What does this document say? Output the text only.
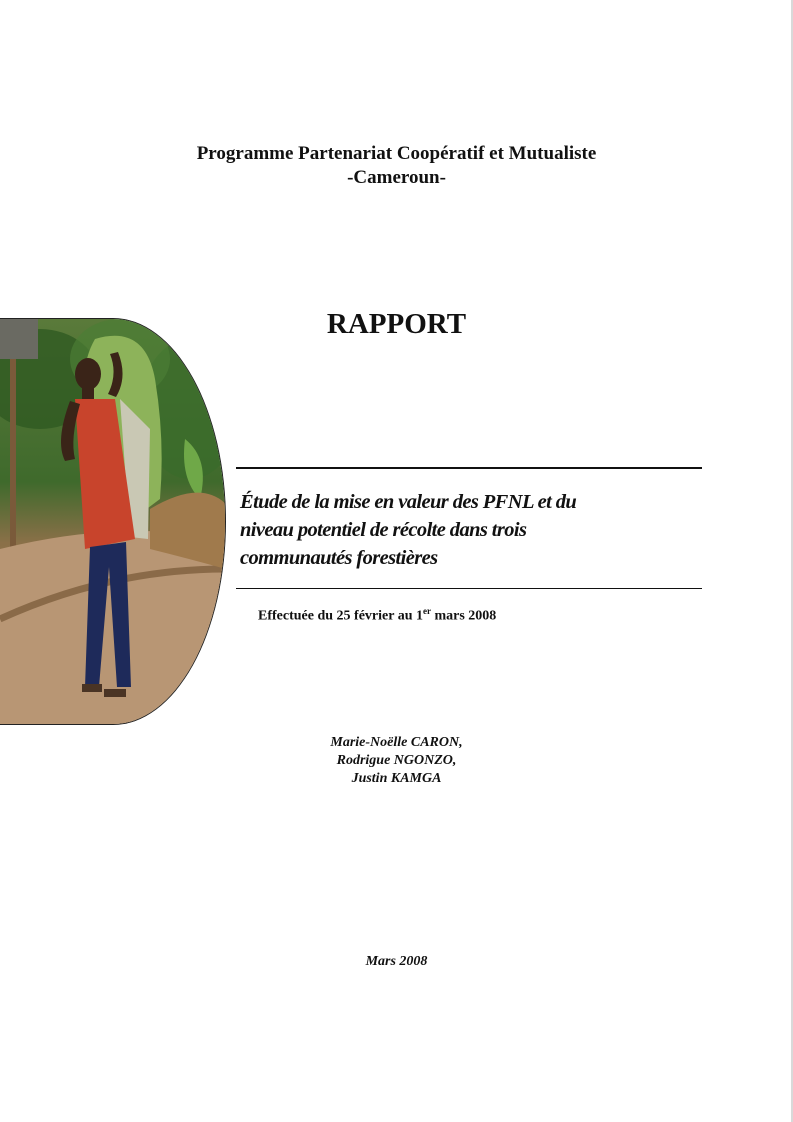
Programme Partenariat Coopératif et Mutualiste
-Cameroun-
RAPPORT
Étude de la mise en valeur des PFNL et du
niveau potentiel de récolte dans trois
communautés forestières
Effectuée du 25 février au 1er mars 2008
Marie-Noëlle CARON,
Rodrigue NGONZO,
Justin KAMGA
Mars 2008
